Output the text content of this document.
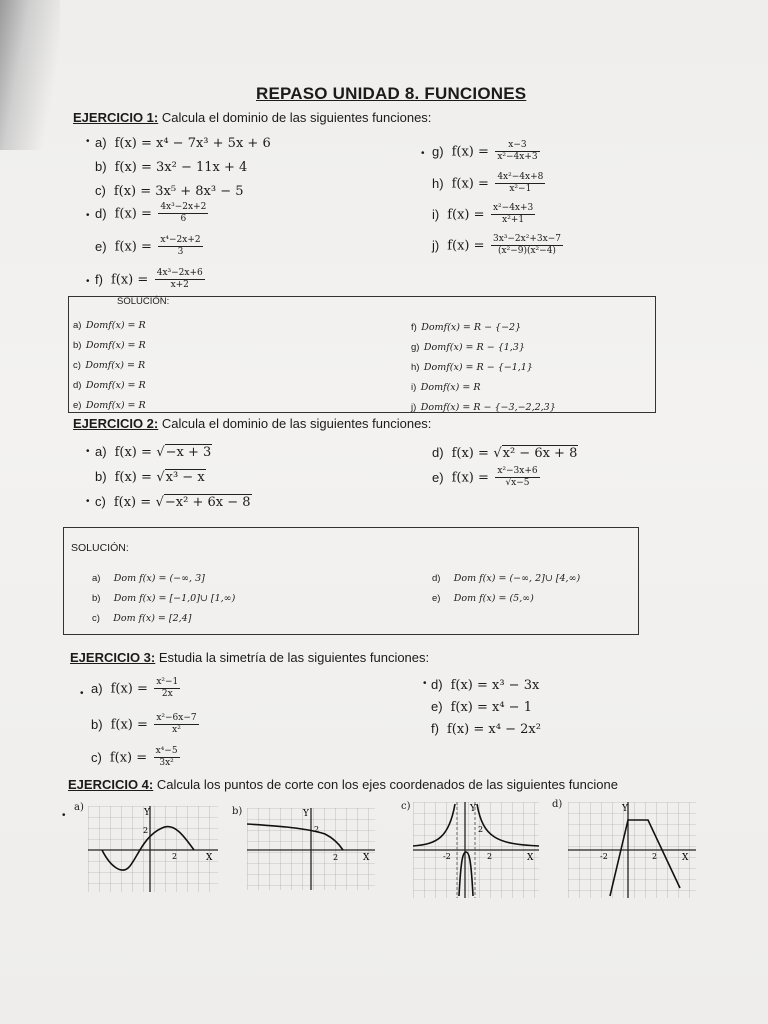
REPASO UNIDAD 8. FUNCIONES
EJERCICIO 1: Calcula el dominio de las siguientes funciones:
• a) f(x) = x⁴ − 7x³ + 5x + 6
b) f(x) = 3x² − 11x + 4
c) f(x) = 3x⁵ + 8x³ − 5
• d) $f(x) = \frac{\text{4x³−2x+2}}{6}$
e) $f(x) = \frac{\text{x⁴−2x+2}}{3}$
• f) $f(x) = \frac{\text{4x³−2x+6}}{x+2}$
• g) $f(x) = \frac{x-3}{\text{x²−4x+3}}$
h) $f(x) = \frac{\text{4x²−4x+8}}{\text{x²−1}}$
i) $f(x) = \frac{\text{x²−4x+3}}{\text{x²+1}}$
j) $f(x) = \frac{\text{3x³−2x²+3x−7}}{\text{(x²−9)(x²−4)}}$
SOLUCIÓN:
a) Domf(x) = R
b) Domf(x) = R
c) Domf(x) = R
d) Domf(x) = R
e) Domf(x) = R
f) Domf(x) = R − {−2}
g) Domf(x) = R − {1,3}
h) Domf(x) = R − {−1,1}
i) Domf(x) = R
j) Domf(x) = R − {−3,−2,2,3}
EJERCICIO 2: Calcula el dominio de las siguientes funciones:
• a) f(x) = √−x + 3
b) f(x) = √x³ − x
• c) f(x) = √−x² + 6x − 8
d) f(x) = √x² − 6x + 8
e) $f(x) = \frac{\text{x²−3x+6}}{√x-5}$
SOLUCIÓN:
a) Dom f(x) = (−∞, 3]
b) Dom f(x) = [−1,0]∪ [1,∞)
c) Dom f(x) = [2,4]
d) Dom f(x) = (−∞, 2]∪ [4,∞)
e) Dom f(x) = (5,∞)
EJERCICIO 3: Estudia la simetría de las siguientes funciones:
• a) $f(x) = \frac{\text{x²−1}}{2x}$
b) $f(x) = \frac{\text{x²−6x−7}}{\text{x²}}$
c) $f(x) = \frac{\text{x⁴−5}}{\text{3x²}}$
• d) f(x) = x³ − 3x
e) f(x) = x⁴ − 1
f) f(x) = x⁴ − 2x²
EJERCICIO 4: Calcula los puntos de corte con los ejes coordenados de las siguientes funcione
•
a)	Y
X
2
2
b)	Y
X
2
2
c)	Y
X
2
2
-2
d)	Y
X
2
-2
